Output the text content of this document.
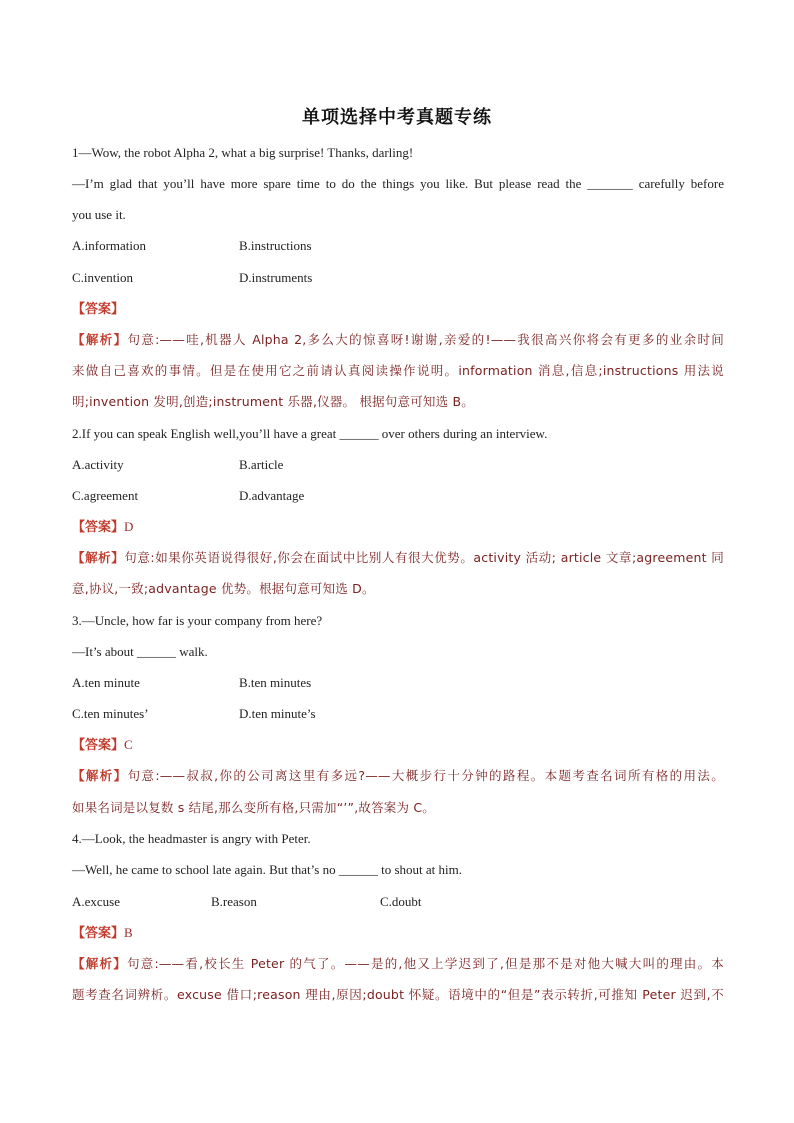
单项选择中考真题专练
1—Wow, the robot Alpha 2, what a big surprise! Thanks, darling!
—I’m glad that you’ll have more spare time to do the things you like. But please read the _______ carefully before
you use it.
A.information	B.instructions
C.invention	D.instruments
【答案】
【解析】句意:——哇,机器人 Alpha 2,多么大的惊喜呀!谢谢,亲爱的!——我很高兴你将会有更多的业余时间
来做自己喜欢的事情。但是在使用它之前请认真阅读操作说明。information 消息,信息;instructions 用法说
明;invention 发明,创造;instrument 乐器,仪器。 根据句意可知选 B。
2.If you can speak English well,you’ll have a great ______ over others during an interview.
A.activity	B.article
C.agreement	D.advantage
【答案】D
【解析】句意:如果你英语说得很好,你会在面试中比别人有很大优势。activity 活动; article 文章;agreement 同
意,协议,一致;advantage 优势。根据句意可知选 D。
3.—Uncle, how far is your company from here?
—It’s about ______ walk.
A.ten minute	B.ten minutes
C.ten minutes’	D.ten minute’s
【答案】C
【解析】句意:——叔叔,你的公司离这里有多远?——大概步行十分钟的路程。本题考查名词所有格的用法。
如果名词是以复数 s 结尾,那么变所有格,只需加“’”,故答案为 C。
4.—Look, the headmaster is angry with Peter.
—Well, he came to school late again. But that’s no ______ to shout at him.
A.excuse	B.reason	C.doubt
【答案】B
【解析】句意:——看,校长生 Peter 的气了。——是的,他又上学迟到了,但是那不是对他大喊大叫的理由。本
题考查名词辨析。excuse 借口;reason 理由,原因;doubt 怀疑。语境中的“但是”表示转折,可推知 Peter 迟到,不
